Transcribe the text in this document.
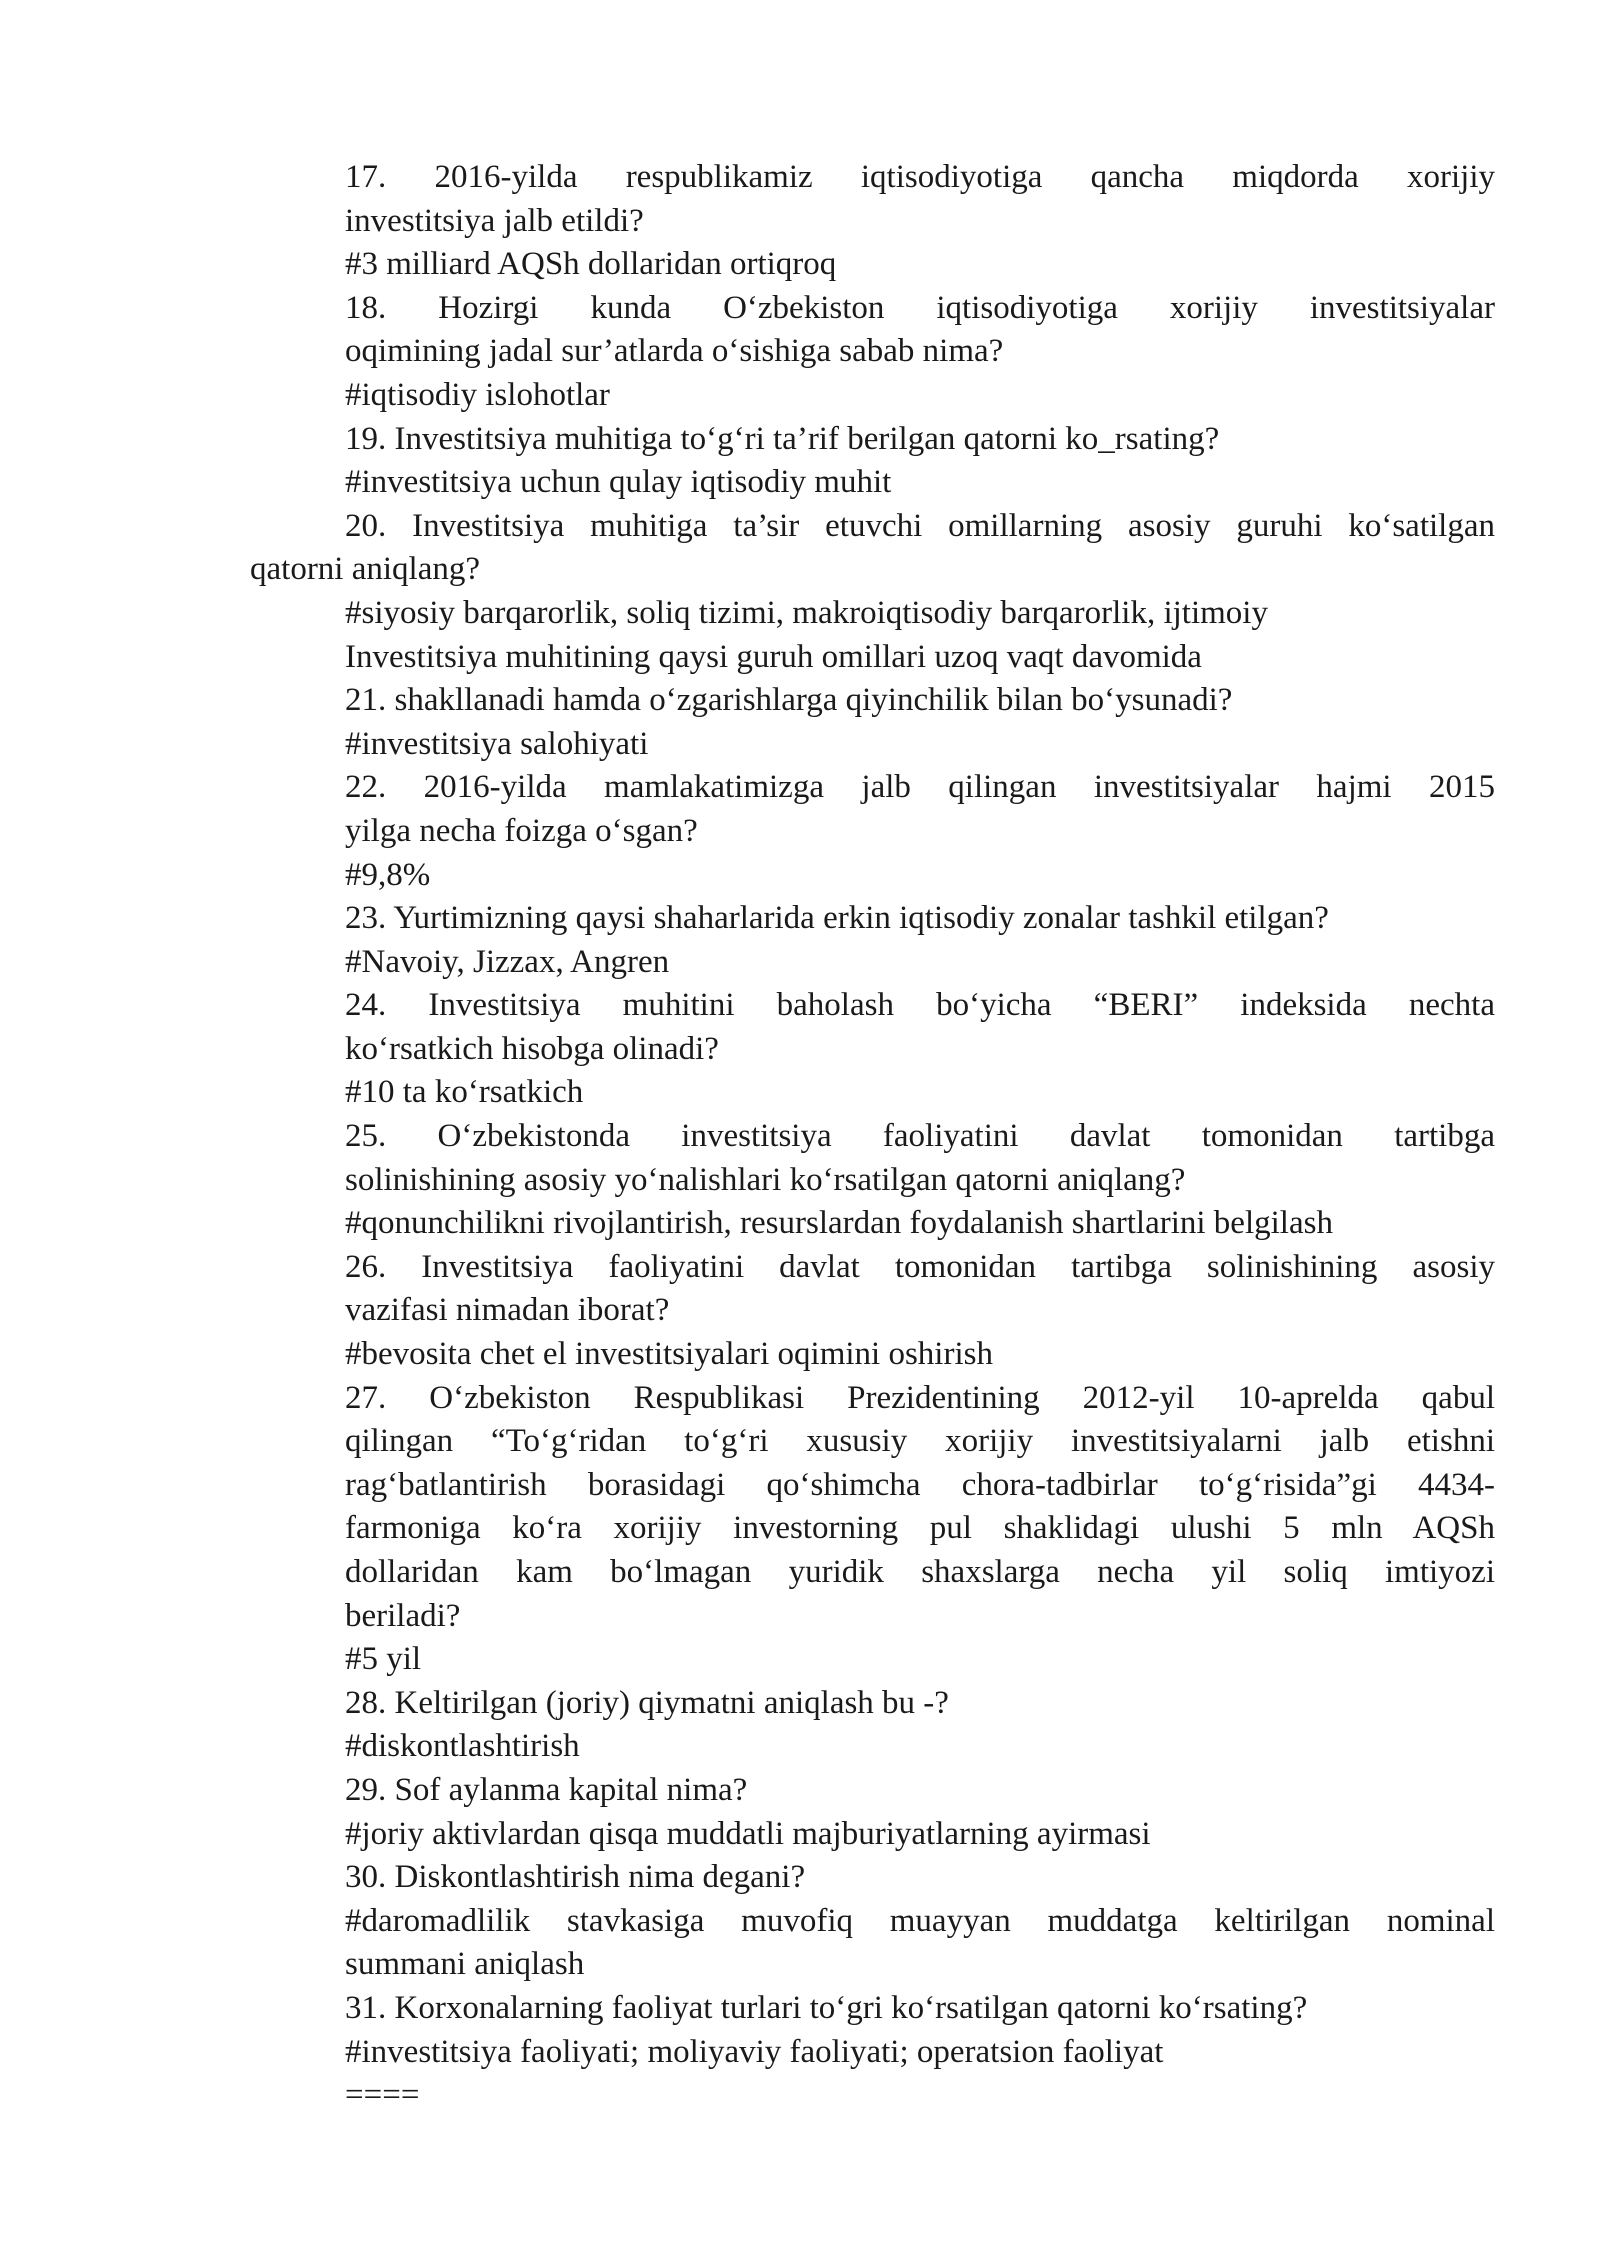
17. 2016-yilda respublikamiz iqtisodiyotiga qancha miqdorda xorijiy
investitsiya jalb etildi?
#3 milliard AQSh dollaridan ortiqroq
18. Hozirgi kunda O‘zbekiston iqtisodiyotiga xorijiy investitsiyalar
oqimining jadal sur’atlarda o‘sishiga sabab nima?
#iqtisodiy islohotlar
19. Investitsiya muhitiga to‘g‘ri ta’rif berilgan qatorni ko_rsating?
#investitsiya uchun qulay iqtisodiy muhit
20. Investitsiya muhitiga ta’sir etuvchi omillarning asosiy guruhi ko‘satilgan
qatorni aniqlang?
#siyosiy barqarorlik, soliq tizimi, makroiqtisodiy barqarorlik, ijtimoiy
Investitsiya muhitining qaysi guruh omillari uzoq vaqt davomida
21. shakllanadi hamda o‘zgarishlarga qiyinchilik bilan bo‘ysunadi?
#investitsiya salohiyati
22. 2016-yilda mamlakatimizga jalb qilingan investitsiyalar hajmi 2015
yilga necha foizga o‘sgan?
#9,8%
23. Yurtimizning qaysi shaharlarida erkin iqtisodiy zonalar tashkil etilgan?
#Navoiy, Jizzax, Angren
24. Investitsiya muhitini baholash bo‘yicha “BERI” indeksida nechta
ko‘rsatkich hisobga olinadi?
#10 ta ko‘rsatkich
25. O‘zbekistonda investitsiya faoliyatini davlat tomonidan tartibga
solinishining asosiy yo‘nalishlari ko‘rsatilgan qatorni aniqlang?
#qonunchilikni rivojlantirish, resurslardan foydalanish shartlarini belgilash
26. Investitsiya faoliyatini davlat tomonidan tartibga solinishining asosiy
vazifasi nimadan iborat?
#bevosita chet el investitsiyalari oqimini oshirish
27. O‘zbekiston Respublikasi Prezidentining 2012-yil 10-aprelda qabul
qilingan “To‘g‘ridan to‘g‘ri xususiy xorijiy investitsiyalarni jalb etishni
rag‘batlantirish borasidagi qo‘shimcha chora-tadbirlar to‘g‘risida”gi 4434-
farmoniga ko‘ra xorijiy investorning pul shaklidagi ulushi 5 mln AQSh
dollaridan kam bo‘lmagan yuridik shaxslarga necha yil soliq imtiyozi
beriladi?
#5 yil
28. Keltirilgan (joriy) qiymatni aniqlash bu -?
#diskontlashtirish
29. Sof aylanma kapital nima?
#joriy aktivlardan qisqa muddatli majburiyatlarning ayirmasi
30. Diskontlashtirish nima degani?
#daromadlilik stavkasiga muvofiq muayyan muddatga keltirilgan nominal
summani aniqlash
31. Korxonalarning faoliyat turlari to‘gri ko‘rsatilgan qatorni ko‘rsating?
#investitsiya faoliyati; moliyaviy faoliyati; operatsion faoliyat
====
